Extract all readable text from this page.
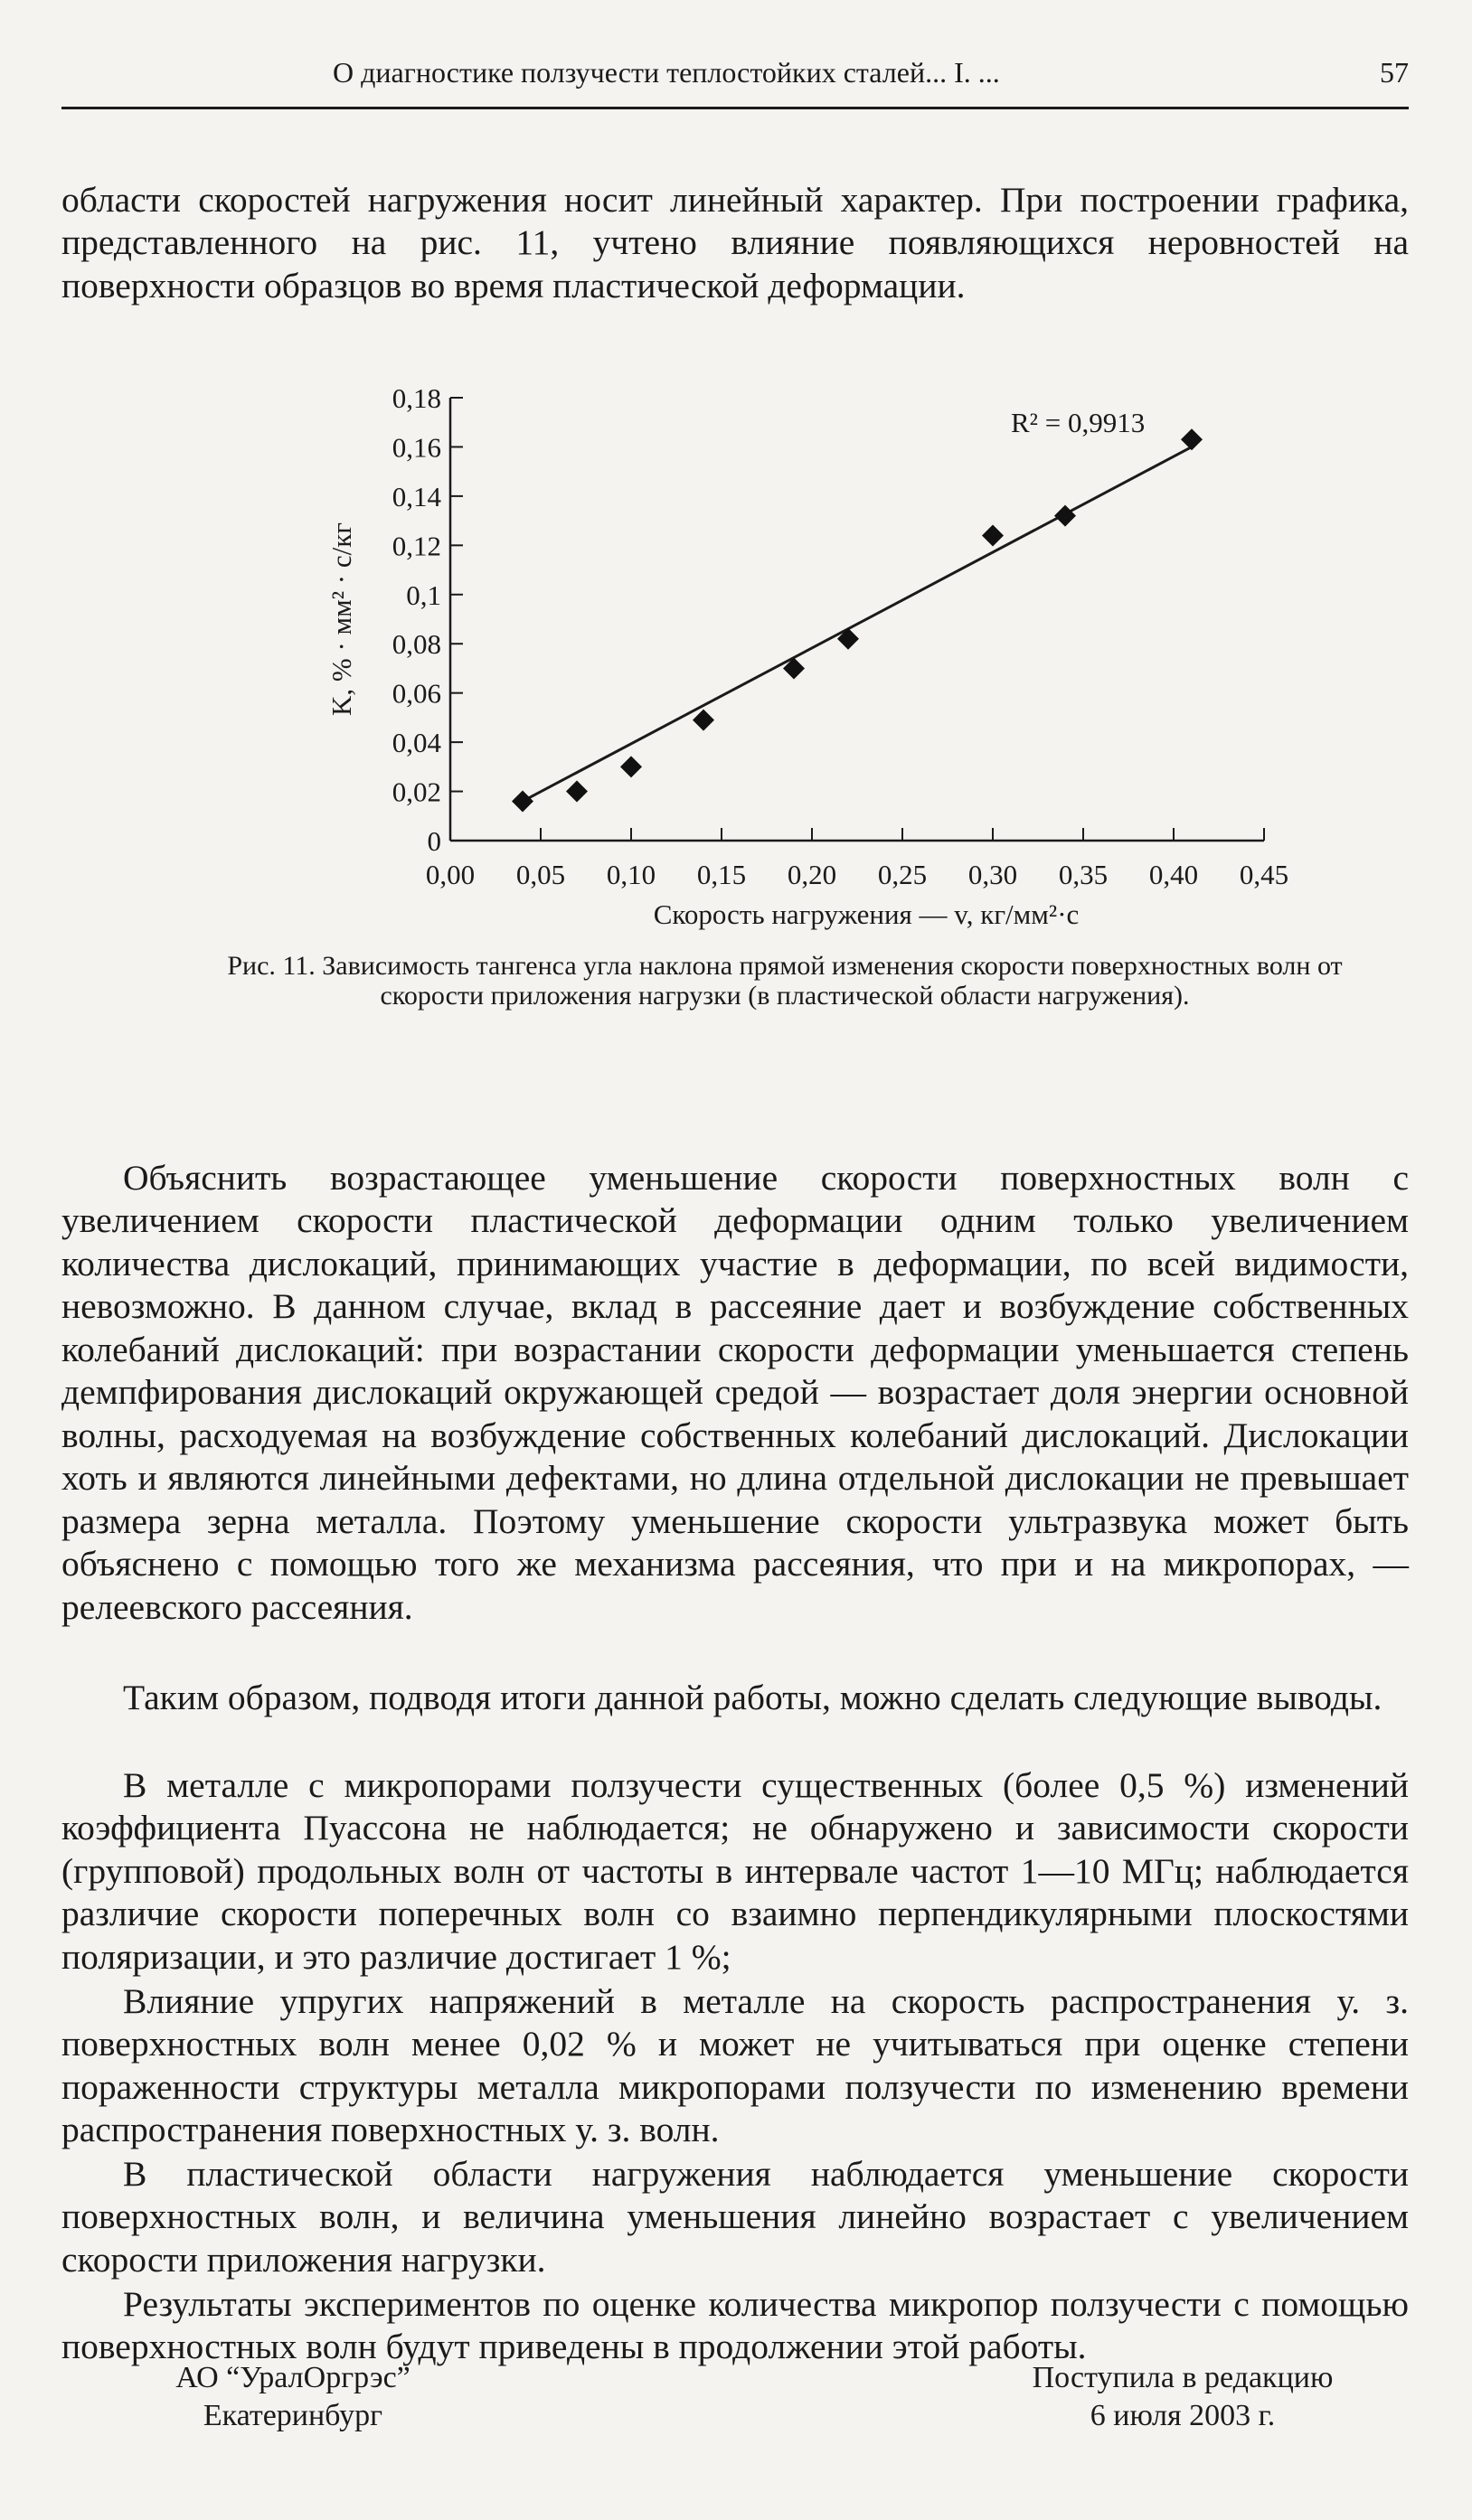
О диагностике ползучести теплостойких сталей... I. ...	57

области скоростей нагружения носит линейный характер. При построении графика, представленного на рис. 11, учтено влияние появляющихся неровностей на поверхности образцов во время пластической деформации.

0
0,02
0,04
0,06
0,08
0,1
0,12
0,14
0,16
0,18
0,00 0,05 0,10 0,15 0,20 0,25 0,30 0,35 0,40 0,45
Скорость нагружения — v, кг/мм²·с
K, % · мм² · с/кг
R² = 0,9913
Рис. 11. Зависимость тангенса угла наклона прямой изменения скорости поверхностных волн от скорости приложения нагрузки (в пластической области нагружения).

Объяснить возрастающее уменьшение скорости поверхностных волн с увеличением скорости пластической деформации одним только увеличением количества дислокаций, принимающих участие в деформации, по всей видимости, невозможно. В данном случае, вклад в рассеяние дает и возбуждение собственных колебаний дислокаций: при возрастании скорости деформации уменьшается степень демпфирования дислокаций окружающей средой — возрастает доля энергии основной волны, расходуемая на возбуждение собственных колебаний дислокаций. Дислокации хоть и являются линейными дефектами, но длина отдельной дислокации не превышает размера зерна металла. Поэтому уменьшение скорости ультразвука может быть объяснено с помощью того же механизма рассеяния, что при и на микропорах, — релеевского рассеяния.

Таким образом, подводя итоги данной работы, можно сделать следующие выводы.

В металле с микропорами ползучести существенных (более 0,5 %) изменений коэффициента Пуассона не наблюдается; не обнаружено и зависимости скорости (групповой) продольных волн от частоты в интервале частот 1—10 МГц; наблюдается различие скорости поперечных волн со взаимно перпендикулярными плоскостями поляризации, и это различие достигает 1 %;

Влияние упругих напряжений в металле на скорость распространения у. з. поверхностных волн менее 0,02 % и может не учитываться при оценке степени пораженности структуры металла микропорами ползучести по изменению времени распространения поверхностных у. з. волн.

В пластической области нагружения наблюдается уменьшение скорости поверхностных волн, и величина уменьшения линейно возрастает с увеличением скорости приложения нагрузки.

Результаты экспериментов по оценке количества микропор ползучести с помощью поверхностных волн будут приведены в продолжении этой работы.

АО “УралОргрэс”
Екатеринбург
Поступила в редакцию
6 июля 2003 г.
